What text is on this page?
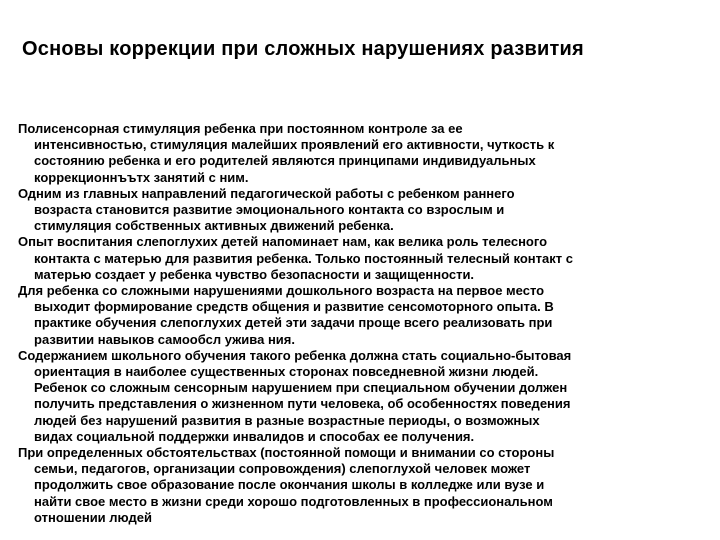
Основы коррекции при сложных нарушениях развития

Полисенсорная стимуляция ребенка при постоянном контроле за ее
интенсивностью, стимуляция малейших проявлений его активности, чуткость к
состоянию ребенка и его родителей являются принципами индивидуальных
коррекционнъътх занятий с ним.

Одним из главных направлений педагогической работы с ребенком раннего
возраста становится развитие эмоционального контакта со взрослым и
стимуляция собственных активных движений ребенка.

Опыт воспитания слепоглухих детей напоминает нам, как велика роль телесного
контакта с матерью для развития ребенка. Только постоянный телесный контакт с
матерью создает у ребенка чувство безопасности и защищенности.

Для ребенка со сложными нарушениями дошкольного возраста на первое место
выходит формирование средств общения и развитие сенсомоторного опыта. В
практике обучения слепоглухих детей эти задачи проще всего реализовать при
развитии навыков самообсл ужива ния.

Содержанием школьного обучения такого ребенка должна стать социально-бытовая
ориентация в наиболее существенных сторонах повседневной жизни людей.
Ребенок со сложным сенсорным нарушением при специальном обучении должен
получить представления о жизненном пути человека, об особенностях поведения
людей без нарушений развития в разные возрастные периоды, о возможных
видах социальной поддержки инвалидов и способах ее получения.

При определенных обстоятельствах (постоянной помощи и внимании со стороны
семьи, педагогов, организации сопровождения) слепоглухой человек может
продолжить свое образование после окончания школы в колледже или вузе и
найти свое место в жизни среди хорошо подготовленных в профессиональном
отношении людей
